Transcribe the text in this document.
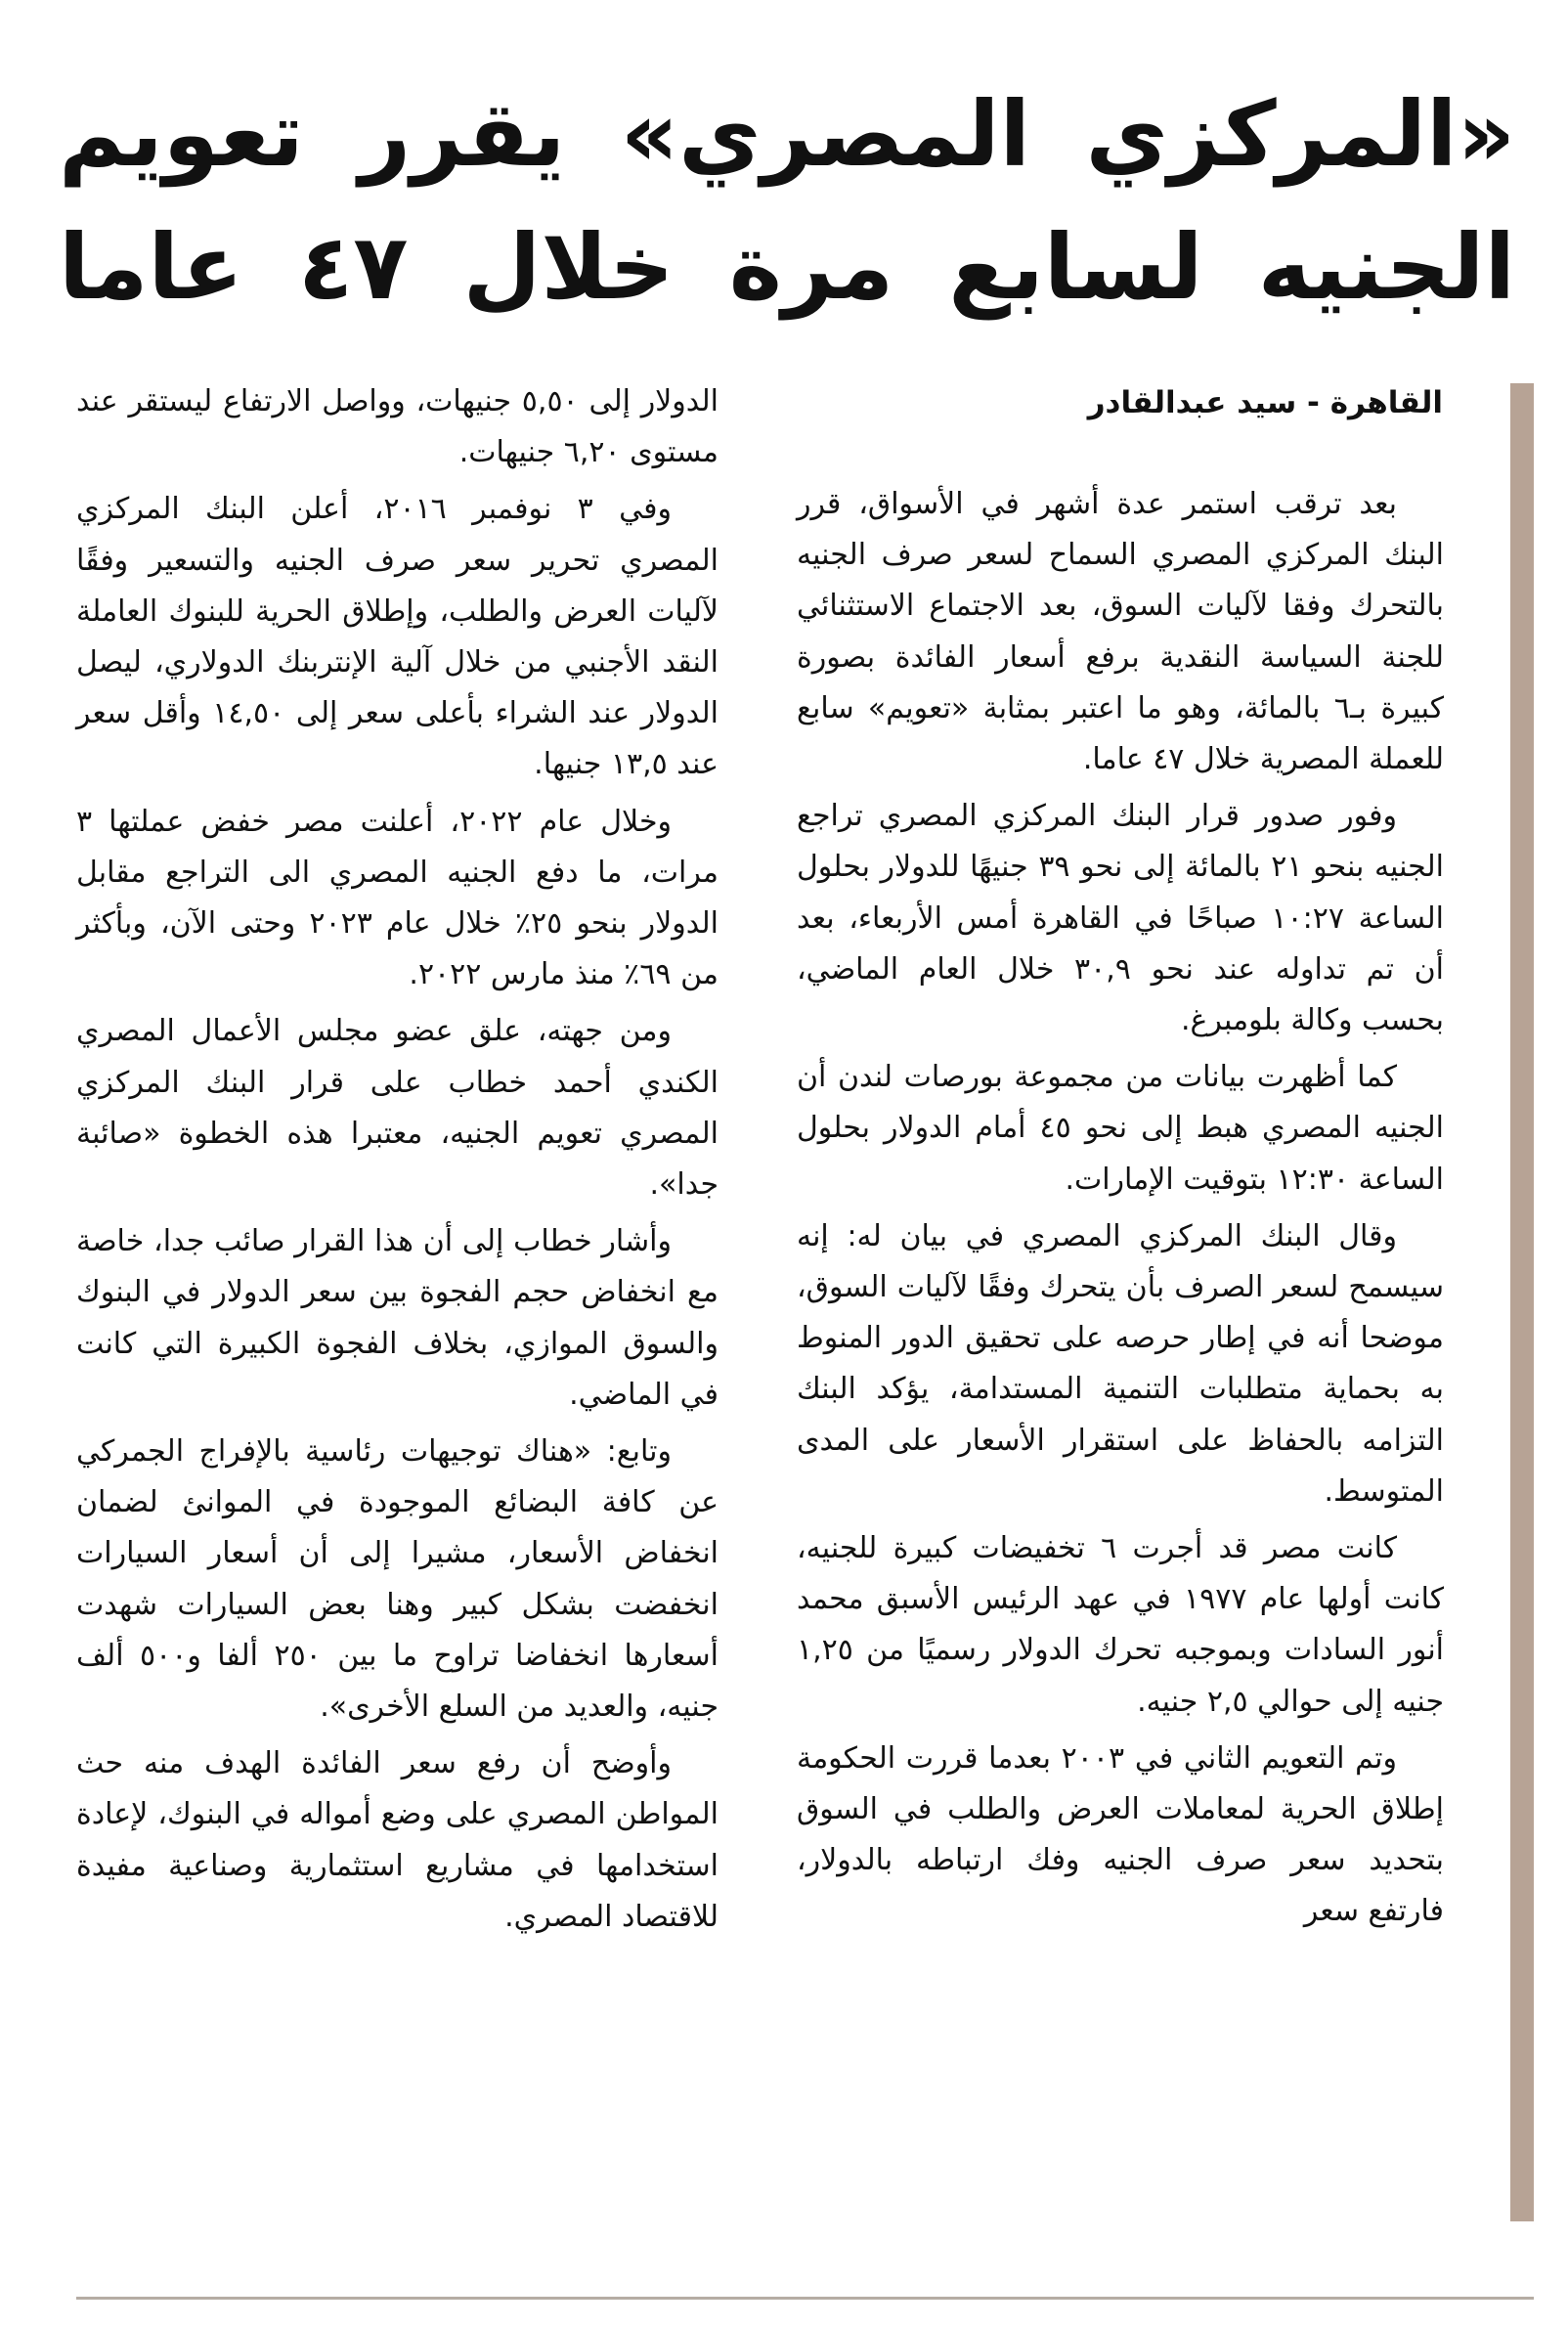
«المركزي المصري» يقرر تعويم
الجنيه لسابع مرة خلال ٤٧ عاما
القاهرة - سيد عبدالقادر

بعد ترقب استمر عدة أشهر في الأسواق، قرر البنك المركزي المصري السماح لسعر صرف الجنيه بالتحرك وفقا لآليات السوق، بعد الاجتماع الاستثنائي للجنة السياسة النقدية برفع أسعار الفائدة بصورة كبيرة بـ٦ بالمائة، وهو ما اعتبر بمثابة «تعويم» سابع للعملة المصرية خلال ٤٧ عاما.

وفور صدور قرار البنك المركزي المصري تراجع الجنيه بنحو ٢١ بالمائة إلى نحو ٣٩ جنيهًا للدولار بحلول الساعة ١٠:٢٧ صباحًا في القاهرة أمس الأربعاء، بعد أن تم تداوله عند نحو ٣٠,٩ خلال العام الماضي، بحسب وكالة بلومبرغ.

كما أظهرت بيانات من مجموعة بورصات لندن أن الجنيه المصري هبط إلى نحو ٤٥ أمام الدولار بحلول الساعة ١٢:٣٠ بتوقيت الإمارات.

وقال البنك المركزي المصري في بيان له: إنه سيسمح لسعر الصرف بأن يتحرك وفقًا لآليات السوق، موضحا أنه في إطار حرصه على تحقيق الدور المنوط به بحماية متطلبات التنمية المستدامة، يؤكد البنك التزامه بالحفاظ على استقرار الأسعار على المدى المتوسط.

كانت مصر قد أجرت ٦ تخفيضات كبيرة للجنيه، كانت أولها عام ١٩٧٧ في عهد الرئيس الأسبق محمد أنور السادات وبموجبه تحرك الدولار رسميًا من ١,٢٥ جنيه إلى حوالي ٢,٥ جنيه.

وتم التعويم الثاني في ٢٠٠٣ بعدما قررت الحكومة إطلاق الحرية لمعاملات العرض والطلب في السوق بتحديد سعر صرف الجنيه وفك ارتباطه بالدولار، فارتفع سعر

الدولار إلى ٥,٥٠ جنيهات، وواصل الارتفاع ليستقر عند مستوى ٦,٢٠ جنيهات.

وفي ٣ نوفمبر ٢٠١٦، أعلن البنك المركزي المصري تحرير سعر صرف الجنيه والتسعير وفقًا لآليات العرض والطلب، وإطلاق الحرية للبنوك العاملة النقد الأجنبي من خلال آلية الإنتربنك الدولاري، ليصل الدولار عند الشراء بأعلى سعر إلى ١٤,٥٠ وأقل سعر عند ١٣,٥ جنيها.

وخلال عام ٢٠٢٢، أعلنت مصر خفض عملتها ٣ مرات، ما دفع الجنيه المصري الى التراجع مقابل الدولار بنحو ٢٥٪ خلال عام ٢٠٢٣ وحتى الآن، وبأكثر من ٦٩٪ منذ مارس ٢٠٢٢.

ومن جهته، علق عضو مجلس الأعمال المصري الكندي أحمد خطاب على قرار البنك المركزي المصري تعويم الجنيه، معتبرا هذه الخطوة «صائبة جدا».

وأشار خطاب إلى أن هذا القرار صائب جدا، خاصة مع انخفاض حجم الفجوة بين سعر الدولار في البنوك والسوق الموازي، بخلاف الفجوة الكبيرة التي كانت في الماضي.

وتابع: «هناك توجيهات رئاسية بالإفراج الجمركي عن كافة البضائع الموجودة في الموانئ لضمان انخفاض الأسعار، مشيرا إلى أن أسعار السيارات انخفضت بشكل كبير وهنا بعض السيارات شهدت أسعارها انخفاضا تراوح ما بين ٢٥٠ ألفا و٥٠٠ ألف جنيه، والعديد من السلع الأخرى».

وأوضح أن رفع سعر الفائدة الهدف منه حث المواطن المصري على وضع أمواله في البنوك، لإعادة استخدامها في مشاريع استثمارية وصناعية مفيدة للاقتصاد المصري.
